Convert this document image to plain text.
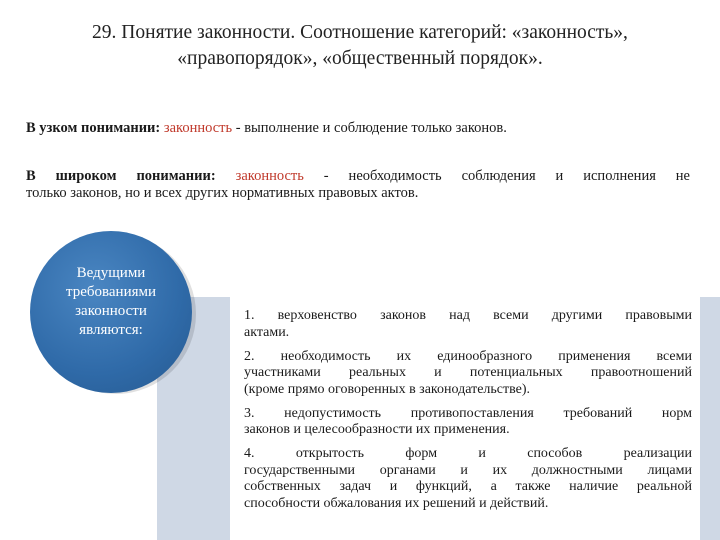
29. Понятие законности. Соотношение категорий: «законность»,
«правопорядок», «общественный порядок».
В узком понимании: законность - выполнение и соблюдение только законов.
В широком понимании: законность - необходимость соблюдения и исполнения не
только законов, но и всех других нормативных правовых актов.
Ведущими
требованиями
законности
являются:
1. верховенство законов над всеми другими правовыми
актами.
2. необходимость их единообразного применения всеми
участниками реальных и потенциальных правоотношений
(кроме прямо оговоренных в законодательстве).
3. недопустимость противопоставления требований норм
законов и целесообразности их применения.
4. открытость форм и способов реализации
государственными органами и их должностными лицами
собственных задач и функций, а также наличие реальной
способности обжалования их решений и действий.
